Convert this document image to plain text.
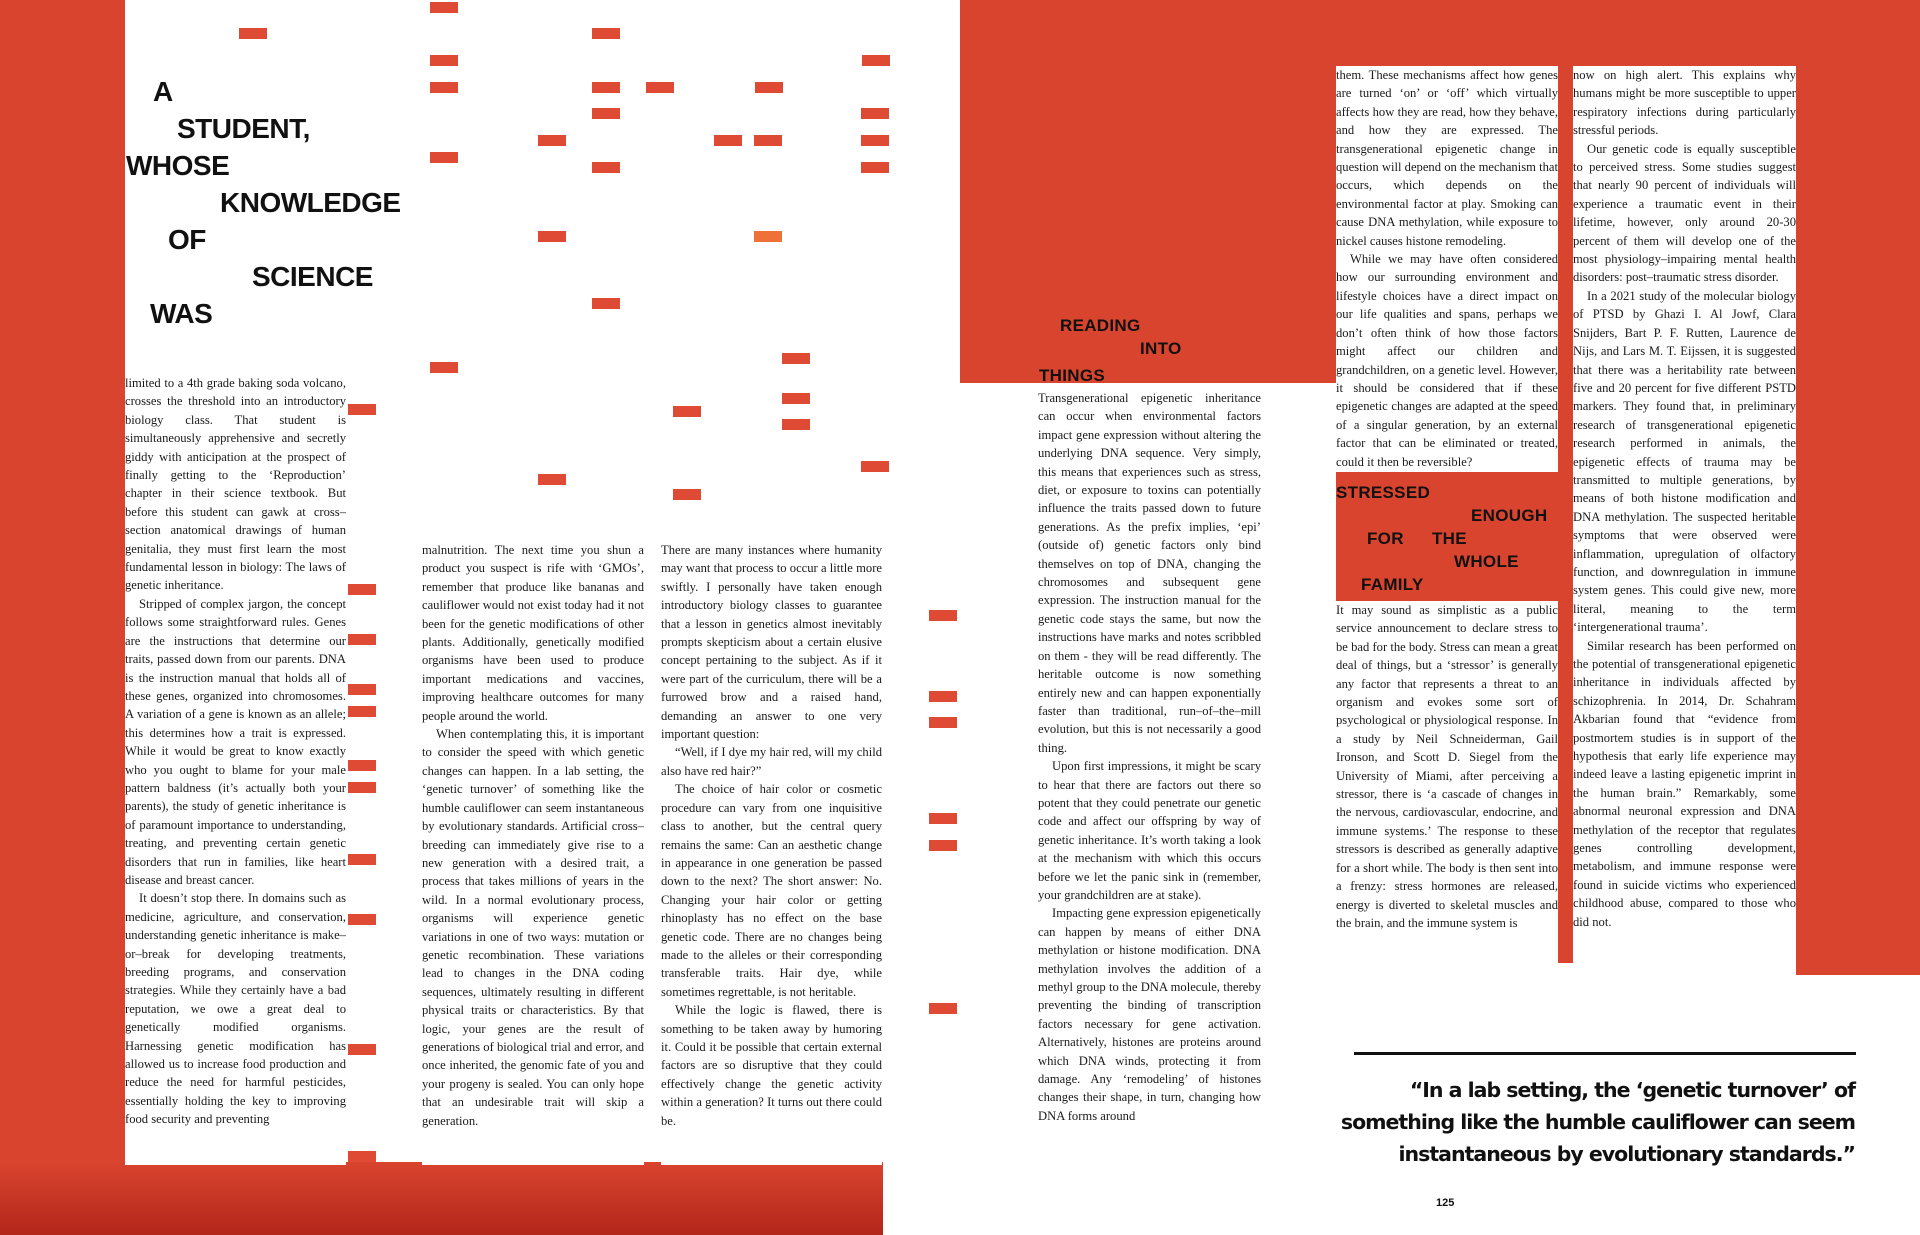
A
STUDENT,
WHOSE
KNOWLEDGE
OF
SCIENCE
WAS

limited to a 4th grade baking soda volcano, crosses the threshold into an introductory biology class. That student is simultaneously apprehensive and secretly giddy with anticipation at the prospect of finally getting to the ‘Reproduction’ chapter in their science textbook. But before this student can gawk at cross–section anatomical drawings of human genitalia, they must first learn the most fundamental lesson in biology: The laws of genetic inheritance.

Stripped of complex jargon, the concept follows some straightforward rules. Genes are the instructions that determine our traits, passed down from our parents. DNA is the instruction manual that holds all of these genes, organized into chromosomes. A variation of a gene is known as an allele; this determines how a trait is expressed. While it would be great to know exactly who you ought to blame for your male pattern baldness (it’s actually both your parents), the study of genetic inheritance is of paramount importance to understanding, treating, and preventing certain genetic disorders that run in families, like heart disease and breast cancer.

It doesn’t stop there. In domains such as medicine, agriculture, and conservation, understanding genetic inheritance is make–or–break for developing treatments, breeding programs, and conservation strategies. While they certainly have a bad reputation, we owe a great deal to genetically modified organisms. Harnessing genetic modification has allowed us to increase food production and reduce the need for harmful pesticides, essentially holding the key to improving food security and preventing

malnutrition. The next time you shun a product you suspect is rife with ‘GMOs’, remember that produce like bananas and cauliflower would not exist today had it not been for the genetic modifications of other plants. Additionally, genetically modified organisms have been used to produce important medications and vaccines, improving healthcare outcomes for many people around the world.

When contemplating this, it is important to consider the speed with which genetic changes can happen. In a lab setting, the ‘genetic turnover’ of something like the humble cauliflower can seem instantaneous by evolutionary standards. Artificial cross–breeding can immediately give rise to a new generation with a desired trait, a process that takes millions of years in the wild. In a normal evolutionary process, organisms will experience genetic variations in one of two ways: mutation or genetic recombination. These variations lead to changes in the DNA coding sequences, ultimately resulting in different physical traits or characteristics. By that logic, your genes are the result of generations of biological trial and error, and once inherited, the genomic fate of you and your progeny is sealed. You can only hope that an undesirable trait will skip a generation.

There are many instances where humanity may want that process to occur a little more swiftly. I personally have taken enough introductory biology classes to guarantee that a lesson in genetics almost inevitably prompts skepticism about a certain elusive concept pertaining to the subject. As if it were part of the curriculum, there will be a furrowed brow and a raised hand, demanding an answer to one very important question:

“Well, if I dye my hair red, will my child also have red hair?”

The choice of hair color or cosmetic procedure can vary from one inquisitive class to another, but the central query remains the same: Can an aesthetic change in appearance in one generation be passed down to the next? The short answer: No. Changing your hair color or getting rhinoplasty has no effect on the base genetic code. There are no changes being made to the alleles or their corresponding transferable traits. Hair dye, while sometimes regrettable, is not heritable.

While the logic is flawed, there is something to be taken away by humoring it. Could it be possible that certain external factors are so disruptive that they could effectively change the genetic activity within a generation? It turns out there could be.

READING
INTO
THINGS

Transgenerational epigenetic inheritance can occur when environmental factors impact gene expression without altering the underlying DNA sequence. Very simply, this means that experiences such as stress, diet, or exposure to toxins can potentially influence the traits passed down to future generations. As the prefix implies, ‘epi’ (outside of) genetic factors only bind themselves on top of DNA, changing the chromosomes and subsequent gene expression. The instruction manual for the genetic code stays the same, but now the instructions have marks and notes scribbled on them - they will be read differently. The heritable outcome is now something entirely new and can happen exponentially faster than traditional, run–of–the–mill evolution, but this is not necessarily a good thing.

Upon first impressions, it might be scary to hear that there are factors out there so potent that they could penetrate our genetic code and affect our offspring by way of genetic inheritance. It’s worth taking a look at the mechanism with which this occurs before we let the panic sink in (remember, your grandchildren are at stake).

Impacting gene expression epigenetically can happen by means of either DNA methylation or histone modification. DNA methylation involves the addition of a methyl group to the DNA molecule, thereby preventing the binding of transcription factors necessary for gene activation. Alternatively, histones are proteins around which DNA winds, protecting it from damage. Any ‘remodeling’ of histones changes their shape, in turn, changing how DNA forms around

them. These mechanisms affect how genes are turned ‘on’ or ‘off’ which virtually affects how they are read, how they behave, and how they are expressed. The transgenerational epigenetic change in question will depend on the mechanism that occurs, which depends on the environmental factor at play. Smoking can cause DNA methylation, while exposure to nickel causes histone remodeling.

While we may have often considered how our surrounding environment and lifestyle choices have a direct impact on our life qualities and spans, perhaps we don’t often think of how those factors might affect our children and grandchildren, on a genetic level. However, it should be considered that if these epigenetic changes are adapted at the speed of a singular generation, by an external factor that can be eliminated or treated, could it then be reversible?

STRESSED
ENOUGH
FOR THE
WHOLE
FAMILY

It may sound as simplistic as a public service announcement to declare stress to be bad for the body. Stress can mean a great deal of things, but a ‘stressor’ is generally any factor that represents a threat to an organism and evokes some sort of psychological or physiological response. In a study by Neil Schneiderman, Gail Ironson, and Scott D. Siegel from the University of Miami, after perceiving a stressor, there is ‘a cascade of changes in the nervous, cardiovascular, endocrine, and immune systems.’ The response to these stressors is described as generally adaptive for a short while. The body is then sent into a frenzy: stress hormones are released, energy is diverted to skeletal muscles and the brain, and the immune system is

now on high alert. This explains why humans might be more susceptible to upper respiratory infections during particularly stressful periods.

Our genetic code is equally susceptible to perceived stress. Some studies suggest that nearly 90 percent of individuals will experience a traumatic event in their lifetime, however, only around 20-30 percent of them will develop one of the most physiology–impairing mental health disorders: post–traumatic stress disorder.

In a 2021 study of the molecular biology of PTSD by Ghazi I. Al Jowf, Clara Snijders, Bart P. F. Rutten, Laurence de Nijs, and Lars M. T. Eijssen, it is suggested that there was a heritability rate between five and 20 percent for five different PSTD markers. They found that, in preliminary research of transgenerational epigenetic research performed in animals, the epigenetic effects of trauma may be transmitted to multiple generations, by means of both histone modification and DNA methylation. The suspected heritable symptoms that were observed were inflammation, upregulation of olfactory function, and downregulation in immune system genes. This could give new, more literal, meaning to the term ‘intergenerational trauma’.

Similar research has been performed on the potential of transgenerational epigenetic inheritance in individuals affected by schizophrenia. In 2014, Dr. Schahram Akbarian found that “evidence from postmortem studies is in support of the hypothesis that early life experience may indeed leave a lasting epigenetic imprint in the human brain.” Remarkably, some abnormal neuronal expression and DNA methylation of the receptor that regulates genes controlling development, metabolism, and immune response were found in suicide victims who experienced childhood abuse, compared to those who did not.

“In a lab setting, the ‘genetic turnover’ of something like the humble cauliflower can seem instantaneous by evolutionary standards.”
125
